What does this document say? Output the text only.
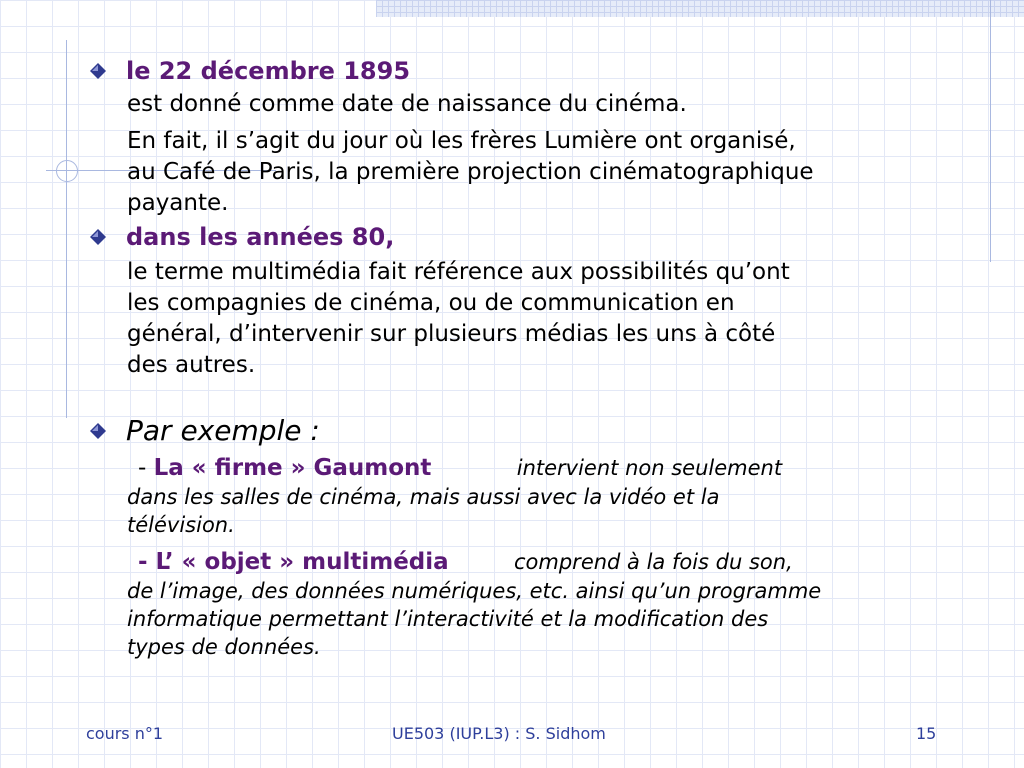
le 22 décembre 1895
est donné comme date de naissance du cinéma.
En fait, il s’agit du jour où les frères Lumière ont organisé,
au Café de Paris, la première projection cinématographique
payante.
dans les années 80,
le terme multimédia fait référence aux possibilités qu’ont
les compagnies de cinéma, ou de communication en
général, d’intervenir sur plusieurs médias les uns à côté
des autres.
Par exemple :
- La « firme » Gaumont	intervient non seulement
dans les salles de cinéma, mais aussi avec la vidéo et la
télévision.
- L’ « objet » multimédia	comprend à la fois du son,
de l’image, des données numériques, etc. ainsi qu’un programme
informatique permettant l’interactivité et la modification des
types de données.
cours n°1	UE503 (IUP.L3) : S. Sidhom	15
